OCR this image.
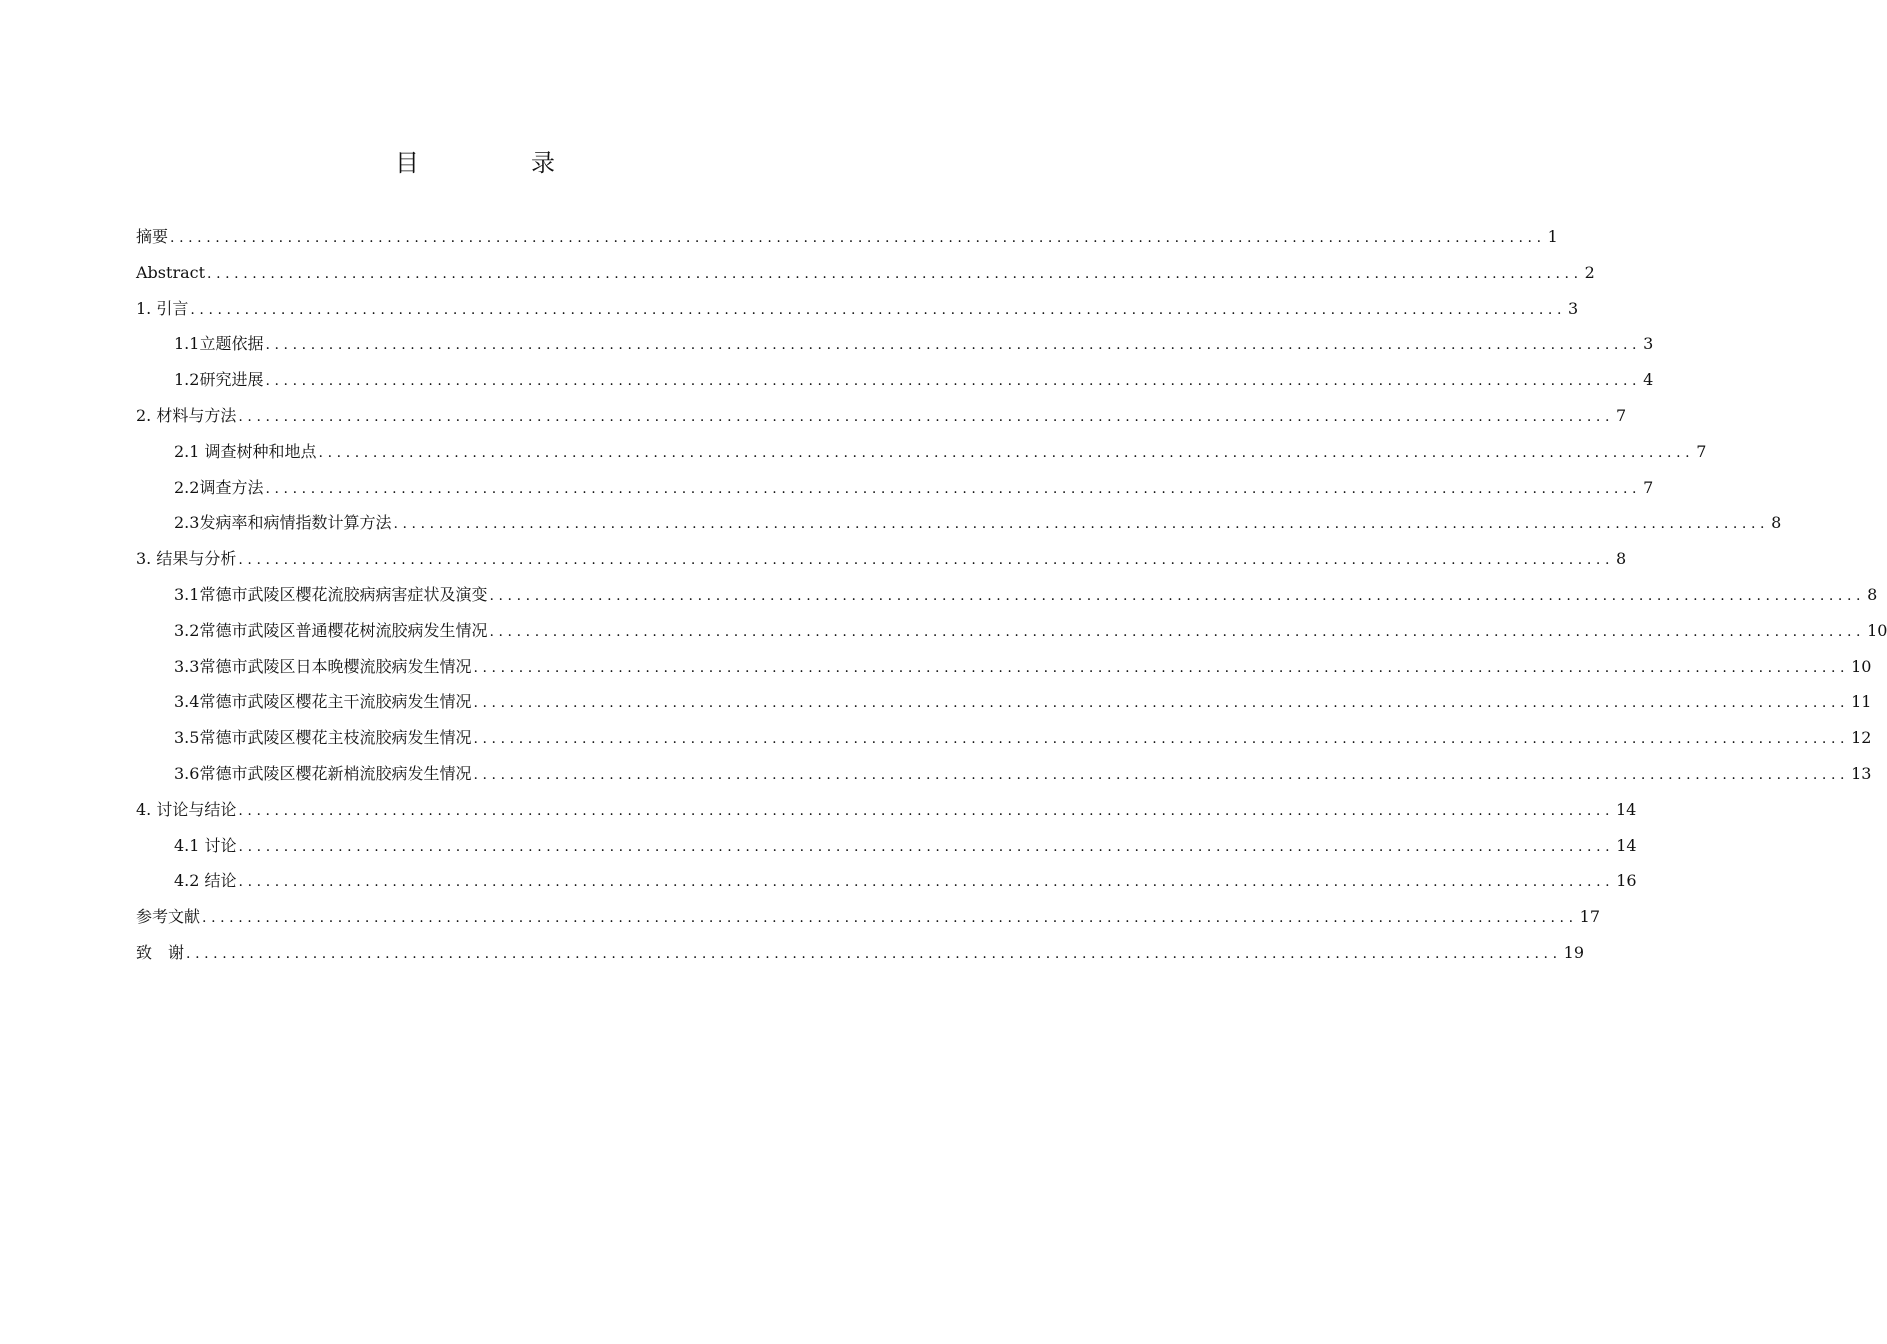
目　录
摘要 ........................................................................................................................................................ 1
Abstract ........................................................................................................................................................ 2
1. 引言 ........................................................................................................................................................ 3
1.1立题依据 ........................................................................................................................................................ 3
1.2研究进展 ........................................................................................................................................................ 4
2. 材料与方法 ........................................................................................................................................................ 7
2.1 调查树种和地点 ........................................................................................................................................................ 7
2.2调查方法 ........................................................................................................................................................ 7
2.3发病率和病情指数计算方法 ........................................................................................................................................................ 8
3. 结果与分析 ........................................................................................................................................................ 8
3.1常德市武陵区樱花流胶病病害症状及演变 ........................................................................................................................................................ 8
3.2常德市武陵区普通樱花树流胶病发生情况 ........................................................................................................................................................ 10
3.3常德市武陵区日本晚樱流胶病发生情况 ........................................................................................................................................................ 10
3.4常德市武陵区樱花主干流胶病发生情况 ........................................................................................................................................................ 11
3.5常德市武陵区樱花主枝流胶病发生情况 ........................................................................................................................................................ 12
3.6常德市武陵区樱花新梢流胶病发生情况 ........................................................................................................................................................ 13
4. 讨论与结论 ........................................................................................................................................................ 14
4.1 讨论 ........................................................................................................................................................ 14
4.2 结论 ........................................................................................................................................................ 16
参考文献 ........................................................................................................................................................ 17
致　谢 ........................................................................................................................................................ 19
